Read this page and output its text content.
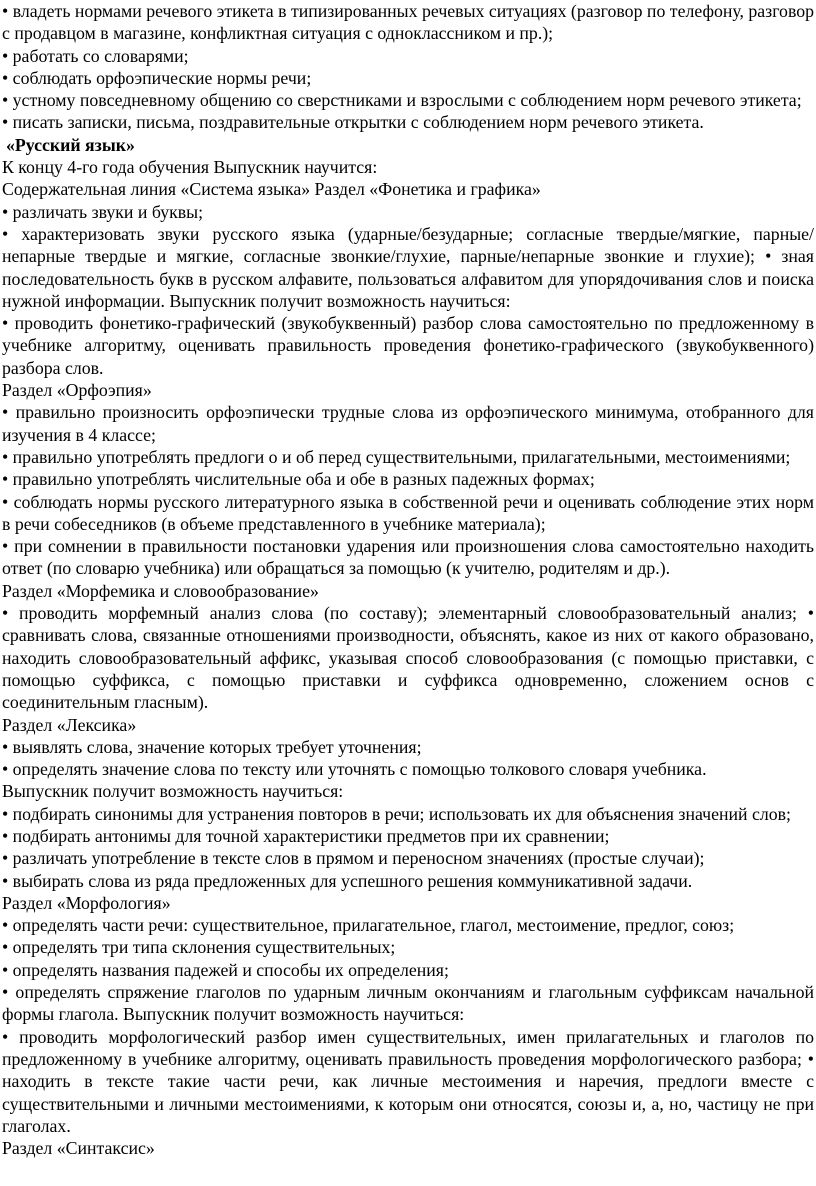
• владеть нормами речевого этикета в типизированных речевых ситуациях (разговор по телефону, разговор с продавцом в магазине, конфликтная ситуация с одноклассником и пр.);

• работать со словарями;

• соблюдать орфоэпические нормы речи;

• устному повседневному общению со сверстниками и взрослыми с соблюдением норм речевого этикета;

• писать записки, письма, поздравительные открытки с соблюдением норм речевого этикета.

«Русский язык»

К концу 4-го года обучения Выпускник научится:

Содержательная линия «Система языка» Раздел «Фонетика и графика»

• различать звуки и буквы;

• характеризовать звуки русского языка (ударные/безударные; согласные твердые/мягкие, парные/непарные твердые и мягкие, согласные звонкие/глухие, парные/непарные звонкие и глухие); • зная последовательность букв в русском алфавите, пользоваться алфавитом для упорядочивания слов и поиска нужной информации. Выпускник получит возможность научиться:

• проводить фонетико-графический (звукобуквенный) разбор слова самостоятельно по предложенному в учебнике алгоритму, оценивать правильность проведения фонетико-графического (звукобуквенного) разбора слов.

Раздел «Орфоэпия»

• правильно произносить орфоэпически трудные слова из орфоэпического минимума, отобранного для изучения в 4 классе;

• правильно употреблять предлоги о и об перед существительными, прилагательными, местоимениями;

• правильно употреблять числительные оба и обе в разных падежных формах;

• соблюдать нормы русского литературного языка в собственной речи и оценивать соблюдение этих норм в речи собеседников (в объеме представленного в учебнике материала);

• при сомнении в правильности постановки ударения или произношения слова самостоятельно находить ответ (по словарю учебника) или обращаться за помощью (к учителю, родителям и др.).

Раздел «Морфемика и словообразование»

• проводить морфемный анализ слова (по составу); элементарный словообразовательный анализ; • сравнивать слова, связанные отношениями производности, объяснять, какое из них от какого образовано, находить словообразовательный аффикс, указывая способ словообразования (с помощью приставки, с помощью суффикса, с помощью приставки и суффикса одновременно, сложением основ с соединительным гласным).

Раздел «Лексика»

• выявлять слова, значение которых требует уточнения;

• определять значение слова по тексту или уточнять с помощью толкового словаря учебника.

Выпускник получит возможность научиться:

• подбирать синонимы для устранения повторов в речи; использовать их для объяснения значений слов;

• подбирать антонимы для точной характеристики предметов при их сравнении;

• различать употребление в тексте слов в прямом и переносном значениях (простые случаи);

• выбирать слова из ряда предложенных для успешного решения коммуникативной задачи.

Раздел «Морфология»

• определять части речи: существительное, прилагательное, глагол, местоимение, предлог, союз;

• определять три типа склонения существительных;

• определять названия падежей и способы их определения;

• определять спряжение глаголов по ударным личным окончаниям и глагольным суффиксам начальной формы глагола. Выпускник получит возможность научиться:

• проводить морфологический разбор имен существительных, имен прилагательных и глаголов по предложенному в учебнике алгоритму, оценивать правильность проведения морфологического разбора; • находить в тексте такие части речи, как личные местоимения и наречия, предлоги вместе с существительными и личными местоимениями, к которым они относятся, союзы и, а, но, частицу не при глаголах.

Раздел «Синтаксис»
